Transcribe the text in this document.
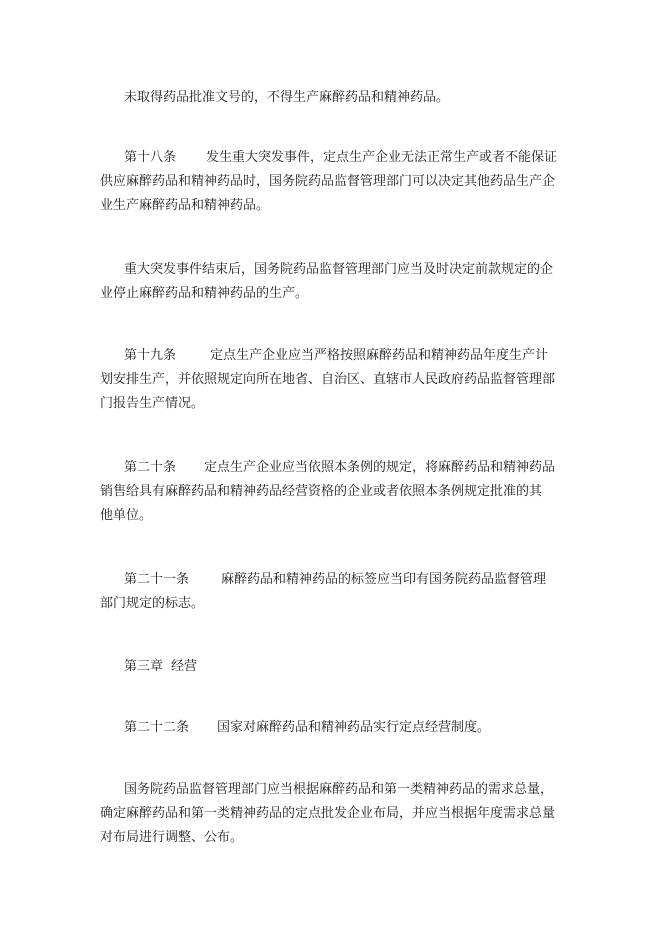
未取得药品批准文号的，不得生产麻醉药品和精神药品。

第十八条 发生重大突发事件，定点生产企业无法正常生产或者不能保证
供应麻醉药品和精神药品时，国务院药品监督管理部门可以决定其他药品生产企
业生产麻醉药品和精神药品。

重大突发事件结束后，国务院药品监督管理部门应当及时决定前款规定的企
业停止麻醉药品和精神药品的生产。

第十九条	定点生产企业应当严格按照麻醉药品和精神药品年度生产计
划安排生产，并依照规定向所在地省、自治区、直辖市人民政府药品监督管理部
门报告生产情况。

第二十条 定点生产企业应当依照本条例的规定，将麻醉药品和精神药品
销售给具有麻醉药品和精神药品经营资格的企业或者依照本条例规定批准的其
他单位。

第二十一条 麻醉药品和精神药品的标签应当印有国务院药品监督管理
部门规定的标志。

第三章 经营

第二十二条 国家对麻醉药品和精神药品实行定点经营制度。

国务院药品监督管理部门应当根据麻醉药品和第一类精神药品的需求总量，
确定麻醉药品和第一类精神药品的定点批发企业布局，并应当根据年度需求总量
对布局进行调整、公布。
